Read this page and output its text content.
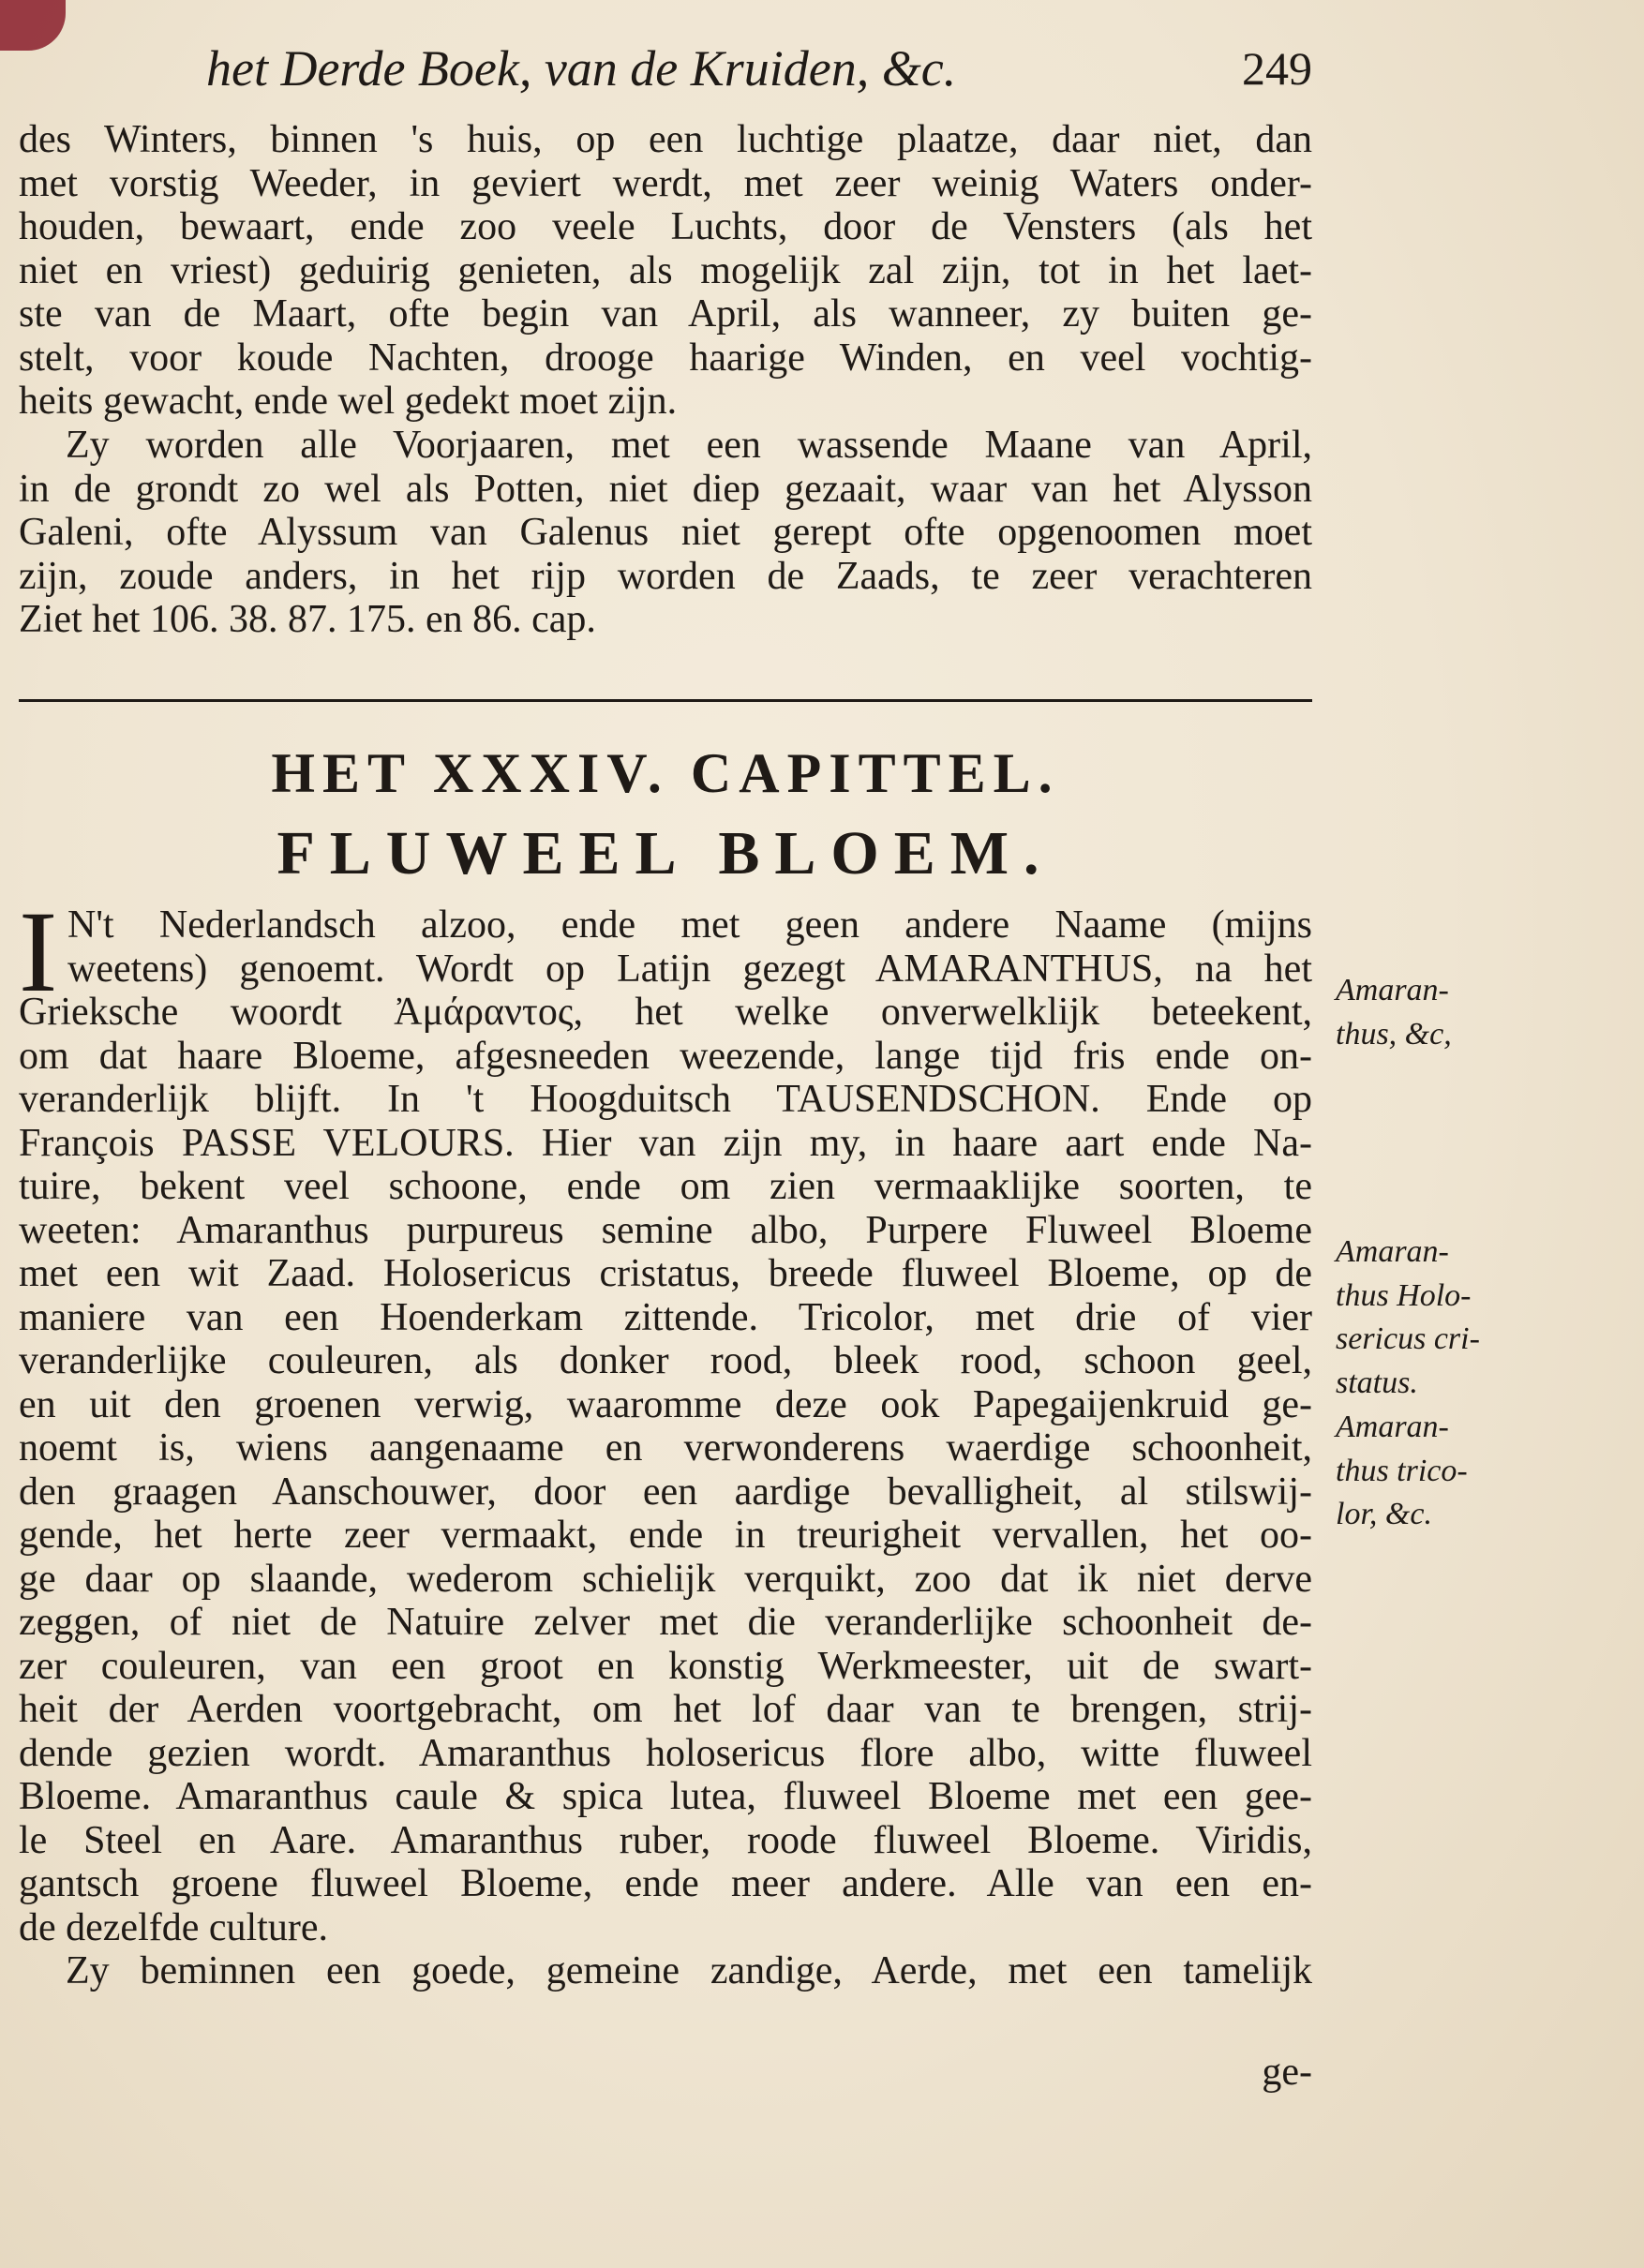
het Derde Boek, van de Kruiden, &c.	249
des Winters, binnen 's huis, op een luchtige plaatze, daar niet, dan
met vorstig Weeder, in geviert werdt, met zeer weinig Waters onder-
houden, bewaart, ende zoo veele Luchts, door de Vensters (als het
niet en vriest) geduirig genieten, als mogelijk zal zijn, tot in het laet-
ste van de Maart, ofte begin van April, als wanneer, zy buiten ge-
stelt, voor koude Nachten, drooge haarige Winden, en veel vochtig-
heits gewacht, ende wel gedekt moet zijn.
Zy worden alle Voorjaaren, met een wassende Maane van April,
in de grondt zo wel als Potten, niet diep gezaait, waar van het Alysson
Galeni, ofte Alyssum van Galenus niet gerept ofte opgenoomen moet
zijn, zoude anders, in het rijp worden de Zaads, te zeer verachteren
Ziet het 106. 38. 87. 175. en 86. cap.
HET XXXIV. CAPITTEL.
FLUWEEL BLOEM.
I N't Nederlandsch alzoo, ende met geen andere Naame (mijns
weetens) genoemt. Wordt op Latijn gezegt AMARANTHUS, na het
Grieksche woordt Ἀμάραντος, het welke onverwelklijk beteekent,
om dat haare Bloeme, afgesneeden weezende, lange tijd fris ende on-
veranderlijk blijft. In 't Hoogduitsch TAUSENDSCHON. Ende op
François PASSE VELOURS. Hier van zijn my, in haare aart ende Na-
tuire, bekent veel schoone, ende om zien vermaaklijke soorten, te
weeten: Amaranthus purpureus semine albo, Purpere Fluweel Bloeme
met een wit Zaad. Holosericus cristatus, breede fluweel Bloeme, op de
maniere van een Hoenderkam zittende. Tricolor, met drie of vier
veranderlijke couleuren, als donker rood, bleek rood, schoon geel,
en uit den groenen verwig, waaromme deze ook Papegaijenkruid ge-
noemt is, wiens aangenaame en verwonderens waerdige schoonheit,
den graagen Aanschouwer, door een aardige bevalligheit, al stilswij-
gende, het herte zeer vermaakt, ende in treurigheit vervallen, het oo-
ge daar op slaande, wederom schielijk verquikt, zoo dat ik niet derve
zeggen, of niet de Natuire zelver met die veranderlijke schoonheit de-
zer couleuren, van een groot en konstig Werkmeester, uit de swart-
heit der Aerden voortgebracht, om het lof daar van te brengen, strij-
dende gezien wordt. Amaranthus holosericus flore albo, witte fluweel
Bloeme. Amaranthus caule & spica lutea, fluweel Bloeme met een gee-
le Steel en Aare. Amaranthus ruber, roode fluweel Bloeme. Viridis,
gantsch groene fluweel Bloeme, ende meer andere. Alle van een en-
de dezelfde culture.
Zy beminnen een goede, gemeine zandige, Aerde, met een tamelijk
ge-
Amaran-
thus, &c,
Amaran-
thus Holo-
sericus cri-
status.
Amaran-
thus trico-
lor, &c.
